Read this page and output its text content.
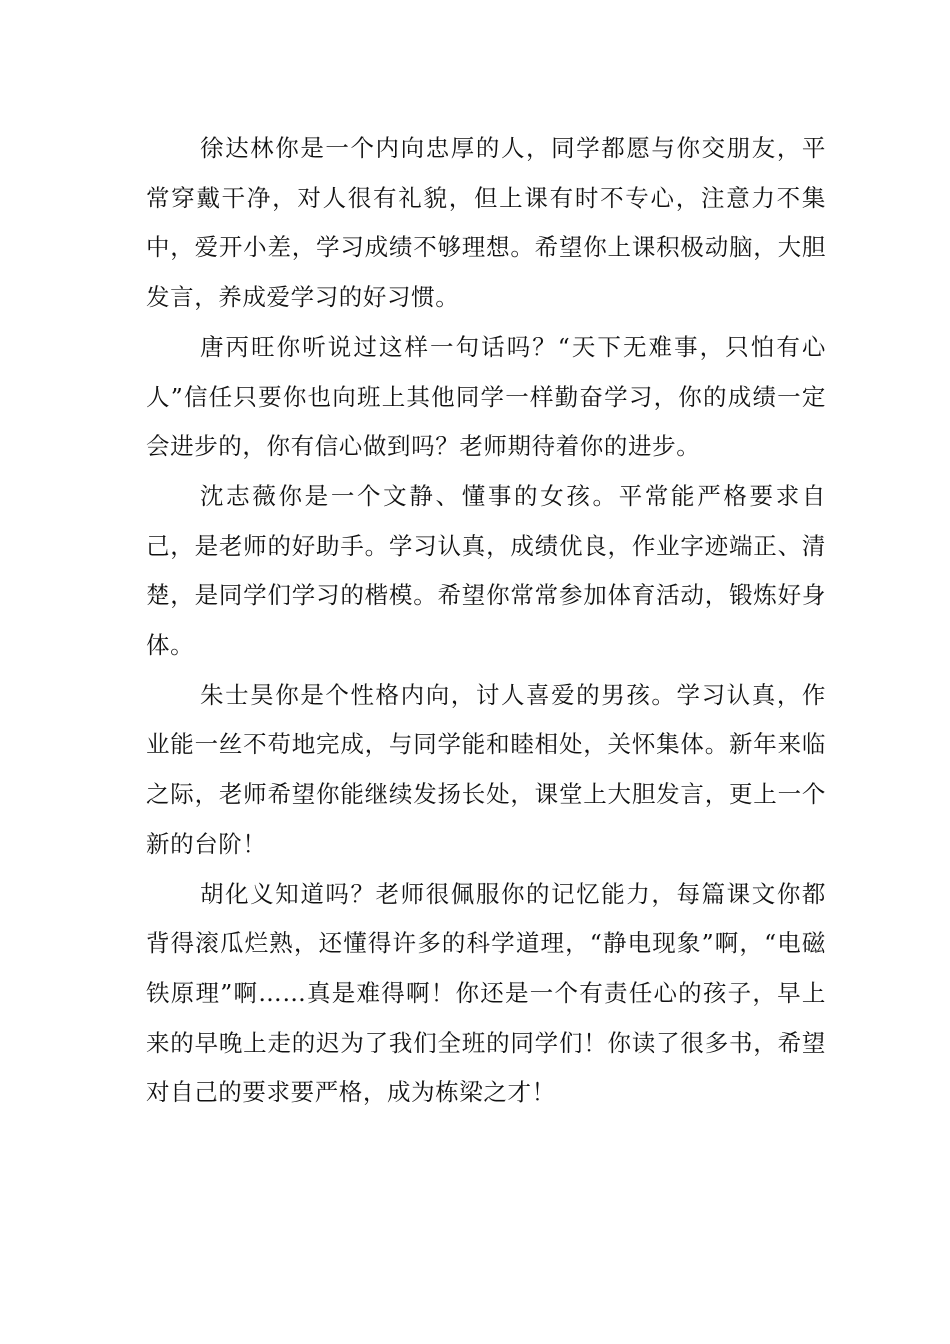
徐达林你是一个内向忠厚的人，同学都愿与你交朋友，平常穿戴干净，对人很有礼貌，但上课有时不专心，注意力不集中，爱开小差，学习成绩不够理想。希望你上课积极动脑，大胆发言，养成爱学习的好习惯。

唐丙旺你听说过这样一句话吗？“天下无难事，只怕有心人”信任只要你也向班上其他同学一样勤奋学习，你的成绩一定会进步的，你有信心做到吗？老师期待着你的进步。

沈志薇你是一个文静、懂事的女孩。平常能严格要求自己，是老师的好助手。学习认真，成绩优良，作业字迹端正、清楚，是同学们学习的楷模。希望你常常参加体育活动，锻炼好身体。

朱士昊你是个性格内向，讨人喜爱的男孩。学习认真，作业能一丝不苟地完成，与同学能和睦相处，关怀集体。新年来临之际，老师希望你能继续发扬长处，课堂上大胆发言，更上一个新的台阶！

胡化义知道吗？老师很佩服你的记忆能力，每篇课文你都背得滚瓜烂熟，还懂得许多的科学道理，“静电现象”啊，“电磁铁原理”啊……真是难得啊！你还是一个有责任心的孩子，早上来的早晚上走的迟为了我们全班的同学们！你读了很多书，希望对自己的要求要严格，成为栋梁之才！
